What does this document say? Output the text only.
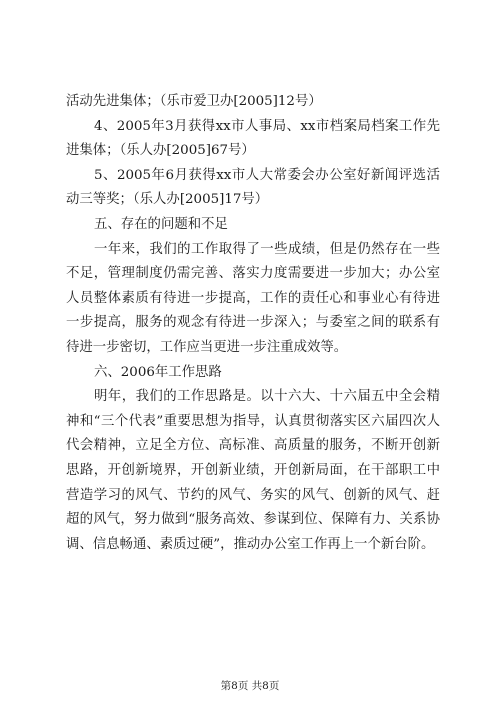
活动先进集体；（乐市爱卫办[2005]12号）

4、2005年3月获得xx市人事局、xx市档案局档案工作先进集体；（乐人办[2005]67号）

5、2005年6月获得xx市人大常委会办公室好新闻评选活动三等奖；（乐人办[2005]17号）

五、存在的问题和不足

一年来，我们的工作取得了一些成绩，但是仍然存在一些不足，管理制度仍需完善、落实力度需要进一步加大；办公室人员整体素质有待进一步提高，工作的责任心和事业心有待进一步提高，服务的观念有待进一步深入；与委室之间的联系有待进一步密切，工作应当更进一步注重成效等。

六、2006年工作思路

明年，我们的工作思路是。以十六大、十六届五中全会精神和“三个代表”重要思想为指导，认真贯彻落实区六届四次人代会精神，立足全方位、高标准、高质量的服务，不断开创新思路，开创新境界，开创新业绩，开创新局面，在干部职工中营造学习的风气、节约的风气、务实的风气、创新的风气、赶超的风气，努力做到“服务高效、参谋到位、保障有力、关系协调、信息畅通、素质过硬”，推动办公室工作再上一个新台阶。

第8页 共8页
